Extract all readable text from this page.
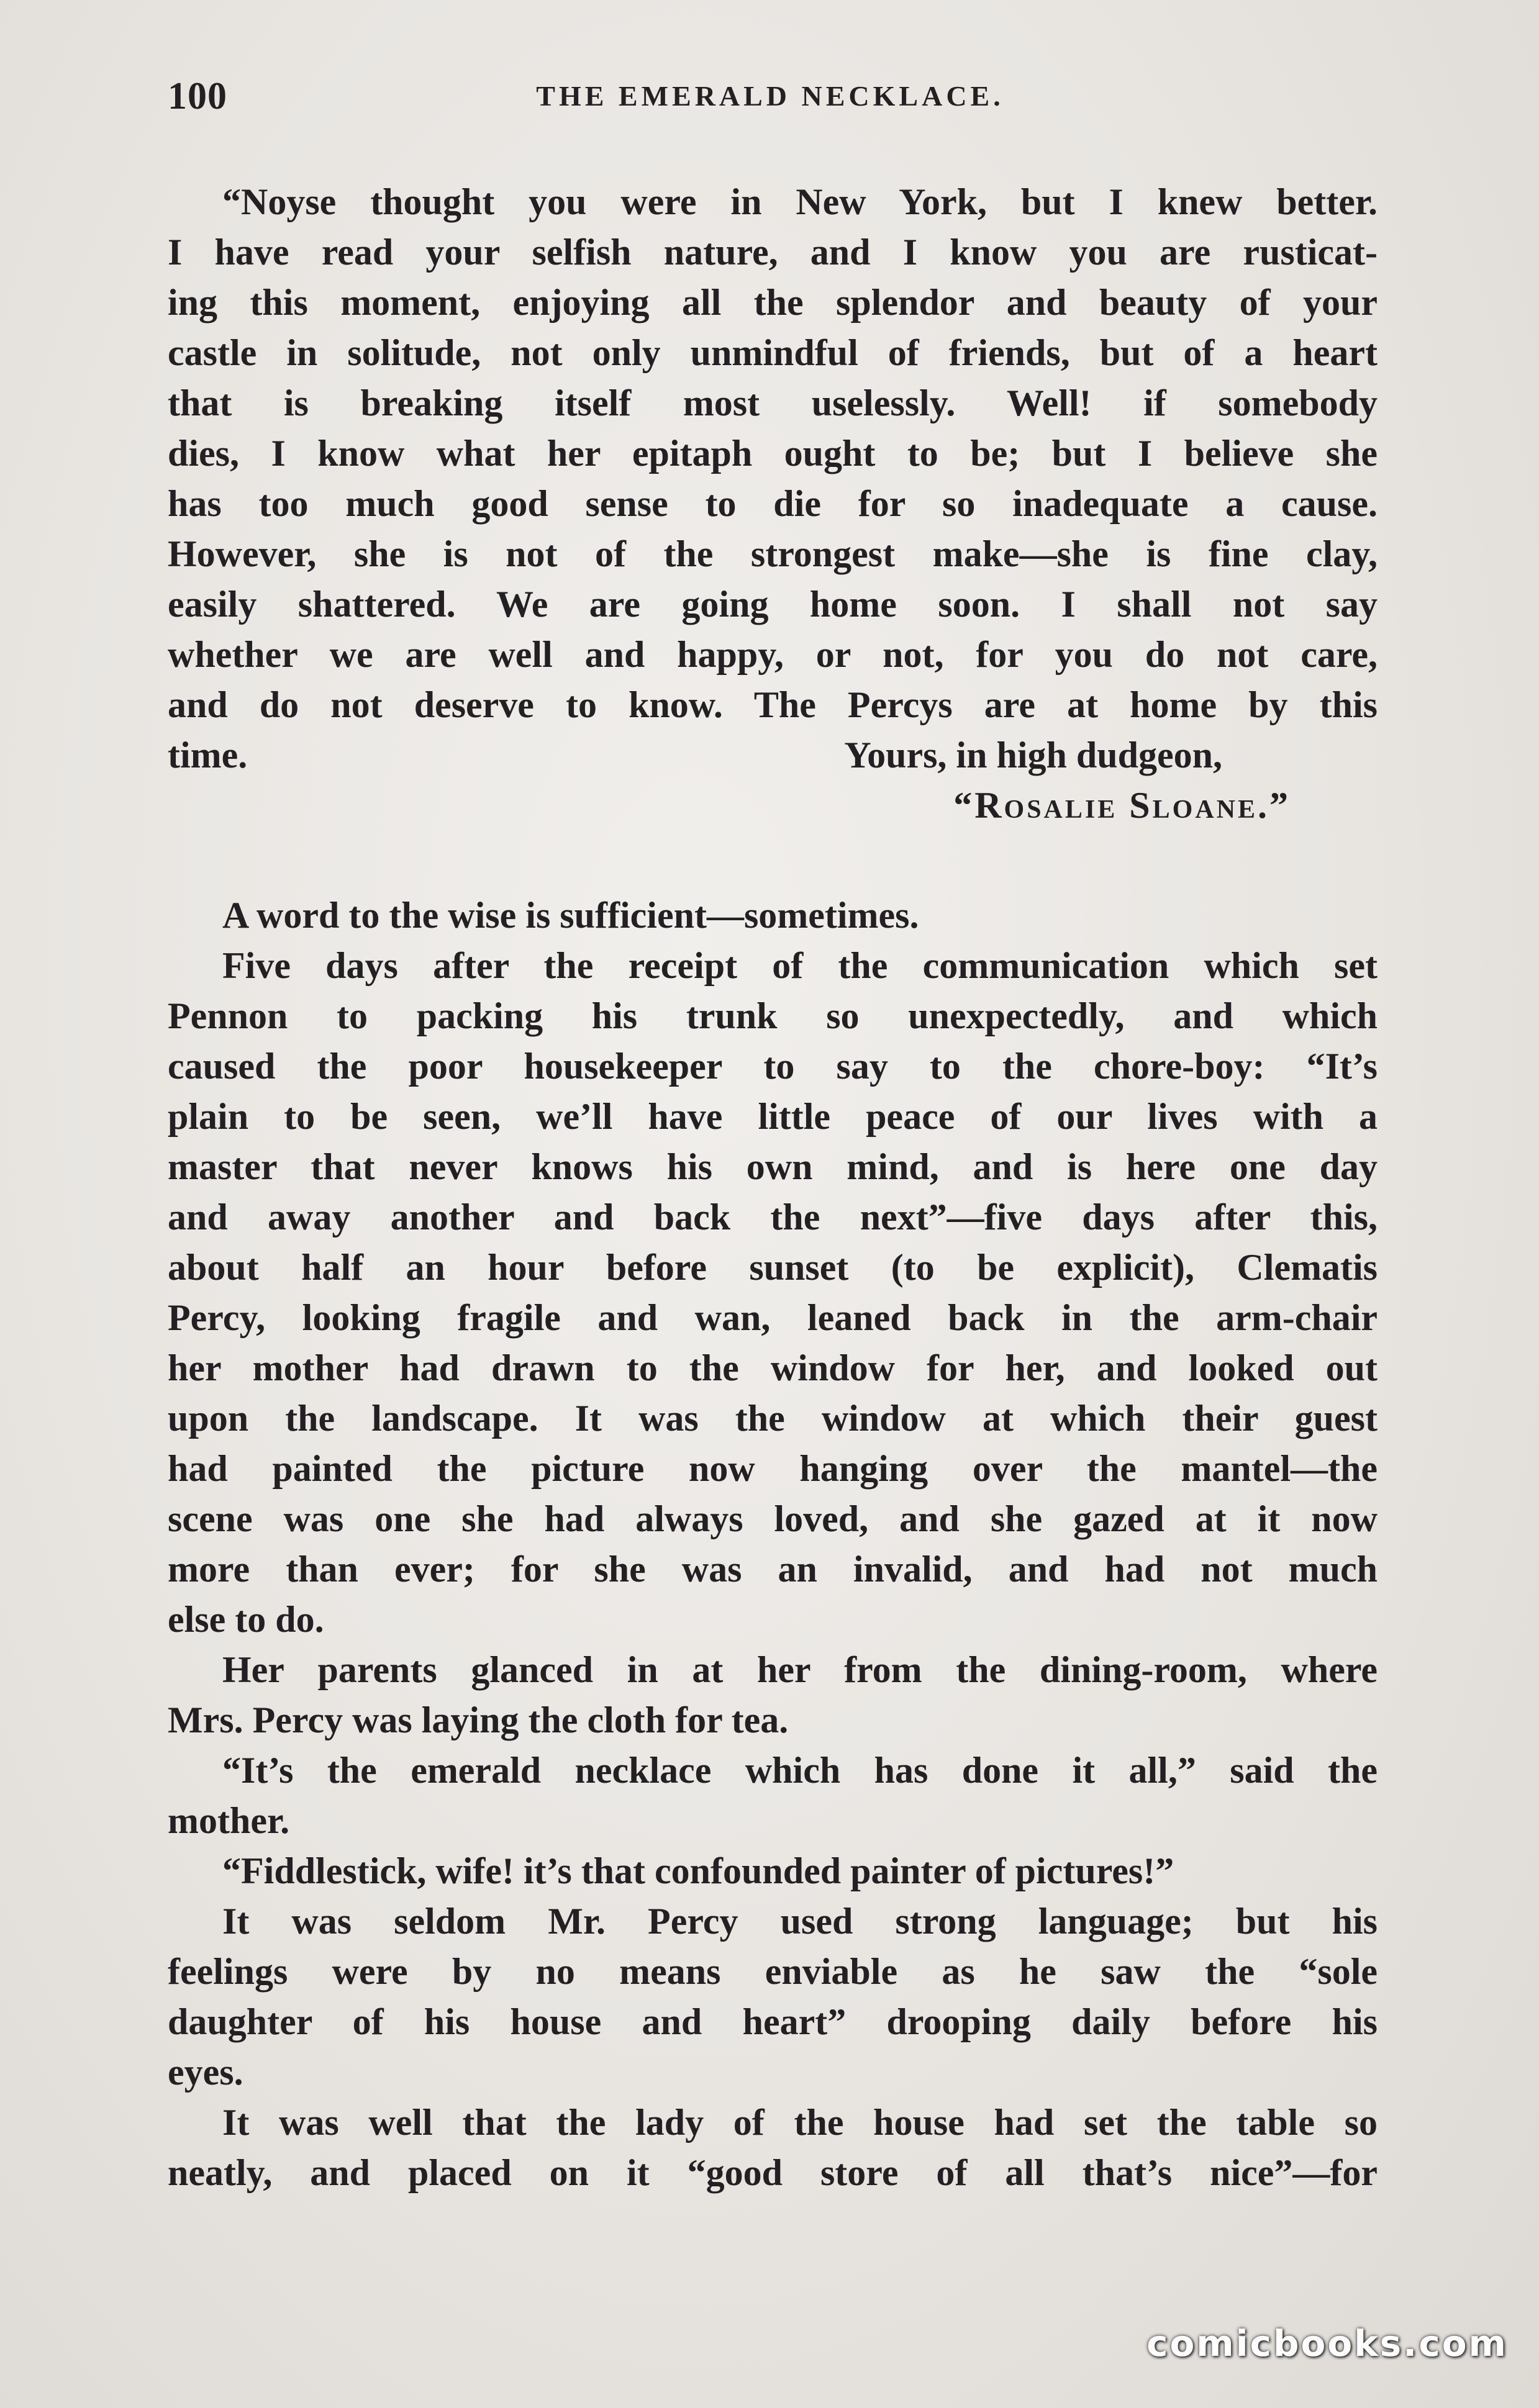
100	THE EMERALD NECKLACE.
“Noyse thought you were in New York, but I knew better.
I have read your selfish nature, and I know you are rusticat-
ing this moment, enjoying all the splendor and beauty of your
castle in solitude, not only unmindful of friends, but of a heart
that is breaking itself most uselessly. Well! if somebody
dies, I know what her epitaph ought to be; but I believe she
has too much good sense to die for so inadequate a cause.
However, she is not of the strongest make—she is fine clay,
easily shattered. We are going home soon. I shall not say
whether we are well and happy, or not, for you do not care,
and do not deserve to know. The Percys are at home by this
time.	Yours, in high dudgeon,
“Rosalie Sloane.”
A word to the wise is sufficient—sometimes.
Five days after the receipt of the communication which set
Pennon to packing his trunk so unexpectedly, and which
caused the poor housekeeper to say to the chore-boy: “It’s
plain to be seen, we’ll have little peace of our lives with a
master that never knows his own mind, and is here one day
and away another and back the next”—five days after this,
about half an hour before sunset (to be explicit), Clematis
Percy, looking fragile and wan, leaned back in the arm-chair
her mother had drawn to the window for her, and looked out
upon the landscape. It was the window at which their guest
had painted the picture now hanging over the mantel—the
scene was one she had always loved, and she gazed at it now
more than ever; for she was an invalid, and had not much
else to do.
Her parents glanced in at her from the dining-room, where
Mrs. Percy was laying the cloth for tea.
“It’s the emerald necklace which has done it all,” said the
mother.
“Fiddlestick, wife! it’s that confounded painter of pictures!”
It was seldom Mr. Percy used strong language; but his
feelings were by no means enviable as he saw the “sole
daughter of his house and heart” drooping daily before his
eyes.
It was well that the lady of the house had set the table so
neatly, and placed on it “good store of all that’s nice”—for
comicbooks.com
